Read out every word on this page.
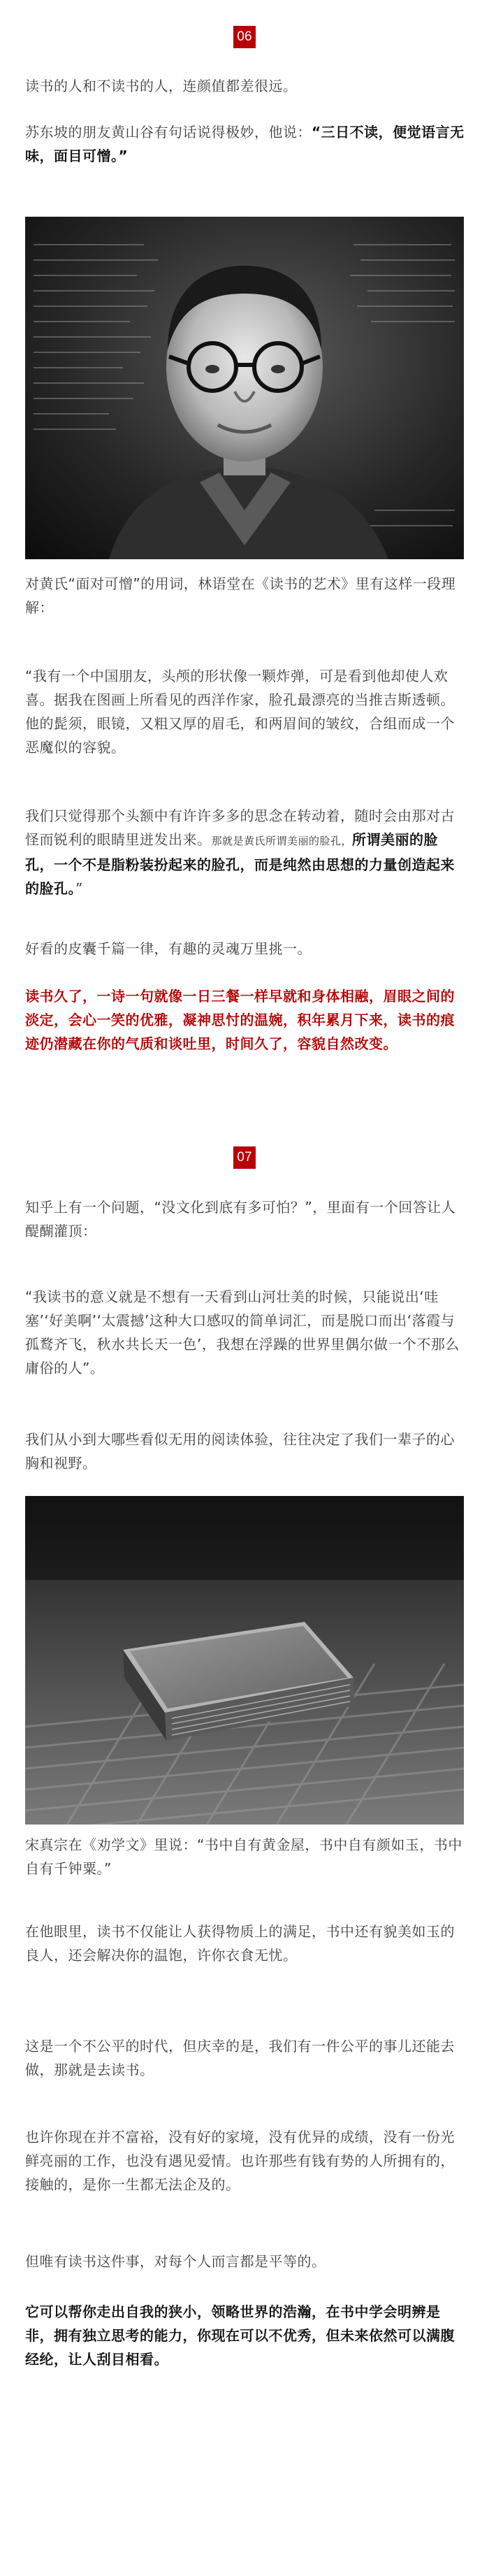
06

读书的人和不读书的人，连颜值都差很远。

苏东坡的朋友黄山谷有句话说得极妙，他说：“三日不读，便觉语言无味，面目可憎。”

对黄氏“面对可憎”的用词，林语堂在《读书的艺术》里有这样一段理解：

“我有一个中国朋友，头颅的形状像一颗炸弹，可是看到他却使人欢喜。据我在图画上所看见的西洋作家，脸孔最漂亮的当推吉斯透顿。他的髭须，眼镜，又粗又厚的眉毛，和两眉间的皱纹，合组而成一个恶魔似的容貌。

我们只觉得那个头额中有许许多多的思念在转动着，随时会由那对古怪而锐利的眼睛里迸发出来。那就是黄氏所谓美丽的脸孔，所谓美丽的脸孔，一个不是脂粉装扮起来的脸孔，而是纯然由思想的力量创造起来的脸孔。”

好看的皮囊千篇一律，有趣的灵魂万里挑一。

读书久了，一诗一句就像一日三餐一样早就和身体相融，眉眼之间的淡定，会心一笑的优雅，凝神思忖的温婉，积年累月下来，读书的痕迹仍潜藏在你的气质和谈吐里，时间久了，容貌自然改变。

07

知乎上有一个问题，“没文化到底有多可怕？”，里面有一个回答让人醍醐灌顶：

“我读书的意义就是不想有一天看到山河壮美的时候，只能说出‘哇塞’‘好美啊’‘太震撼’这种大口感叹的简单词汇，而是脱口而出‘落霞与孤鹜齐飞，秋水共长天一色’，我想在浮躁的世界里偶尔做一个不那么庸俗的人”。

我们从小到大哪些看似无用的阅读体验，往往决定了我们一辈子的心胸和视野。

宋真宗在《劝学文》里说：“书中自有黄金屋，书中自有颜如玉，书中自有千钟粟。”

在他眼里，读书不仅能让人获得物质上的满足，书中还有貌美如玉的良人，还会解决你的温饱，许你衣食无忧。

这是一个不公平的时代，但庆幸的是，我们有一件公平的事儿还能去做，那就是去读书。

也许你现在并不富裕，没有好的家境，没有优异的成绩，没有一份光鲜亮丽的工作，也没有遇见爱情。也许那些有钱有势的人所拥有的，接触的，是你一生都无法企及的。

但唯有读书这件事，对每个人而言都是平等的。

它可以帮你走出自我的狭小，领略世界的浩瀚，在书中学会明辨是非，拥有独立思考的能力，你现在可以不优秀，但未来依然可以满腹经纶，让人刮目相看。
